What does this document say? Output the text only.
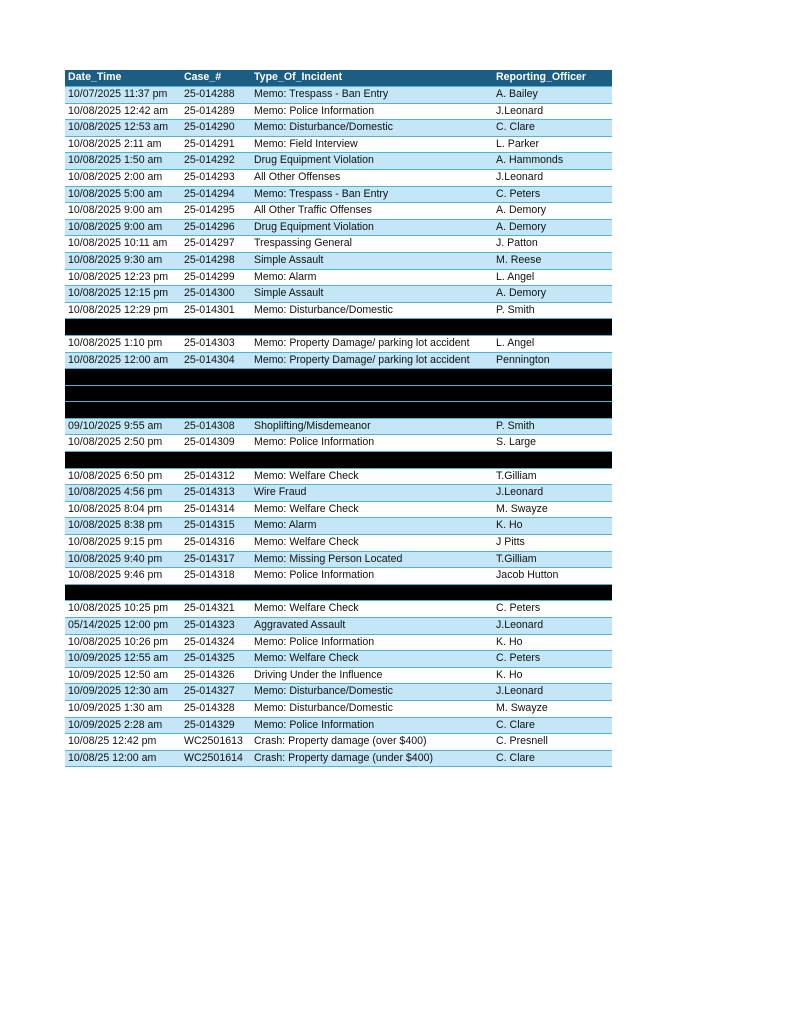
Date_Time	Case_#	Type_Of_Incident	Reporting_Officer
10/07/2025 11:37 pm	25-014288	Memo: Trespass - Ban Entry	A. Bailey
10/08/2025 12:42 am	25-014289	Memo: Police Information	J.Leonard
10/08/2025 12:53 am	25-014290	Memo: Disturbance/Domestic	C. Clare
10/08/2025 2:11 am	25-014291	Memo: Field Interview	L. Parker
10/08/2025 1:50 am	25-014292	Drug Equipment Violation	A. Hammonds
10/08/2025 2:00 am	25-014293	All Other Offenses	J.Leonard
10/08/2025 5:00 am	25-014294	Memo: Trespass - Ban Entry	C. Peters
10/08/2025 9:00 am	25-014295	All Other Traffic Offenses	A. Demory
10/08/2025 9:00 am	25-014296	Drug Equipment Violation	A. Demory
10/08/2025 10:11 am	25-014297	Trespassing General	J. Patton
10/08/2025 9:30 am	25-014298	Simple Assault	M. Reese
10/08/2025 12:23 pm	25-014299	Memo: Alarm	L. Angel
10/08/2025 12:15 pm	25-014300	Simple Assault	A. Demory
10/08/2025 12:29 pm	25-014301	Memo: Disturbance/Domestic	P. Smith

10/08/2025 1:10 pm	25-014303	Memo: Property Damage/ parking lot accident	L. Angel
10/08/2025 12:00 am	25-014304	Memo: Property Damage/ parking lot accident	Pennington

09/10/2025 9:55 am	25-014308	Shoplifting/Misdemeanor	P. Smith
10/08/2025 2:50 pm	25-014309	Memo: Police Information	S. Large

10/08/2025 6:50 pm	25-014312	Memo: Welfare Check	T.Gilliam
10/08/2025 4:56 pm	25-014313	Wire Fraud	J.Leonard
10/08/2025 8:04 pm	25-014314	Memo: Welfare Check	M. Swayze
10/08/2025 8:38 pm	25-014315	Memo: Alarm	K. Ho
10/08/2025 9:15 pm	25-014316	Memo: Welfare Check	J Pitts
10/08/2025 9:40 pm	25-014317	Memo: Missing Person Located	T.Gilliam
10/08/2025 9:46 pm	25-014318	Memo: Police Information	Jacob Hutton

10/08/2025 10:25 pm	25-014321	Memo: Welfare Check	C. Peters
05/14/2025 12:00 pm	25-014323	Aggravated Assault	J.Leonard
10/08/2025 10:26 pm	25-014324	Memo: Police Information	K. Ho
10/09/2025 12:55 am	25-014325	Memo: Welfare Check	C. Peters
10/09/2025 12:50 am	25-014326	Driving Under the Influence	K. Ho
10/09/2025 12:30 am	25-014327	Memo: Disturbance/Domestic	J.Leonard
10/09/2025 1:30 am	25-014328	Memo: Disturbance/Domestic	M. Swayze
10/09/2025 2:28 am	25-014329	Memo: Police Information	C. Clare
10/08/25 12:42 pm	WC2501613	Crash: Property damage (over $400)	C. Presnell
10/08/25 12:00 am	WC2501614	Crash: Property damage (under $400)	C. Clare
